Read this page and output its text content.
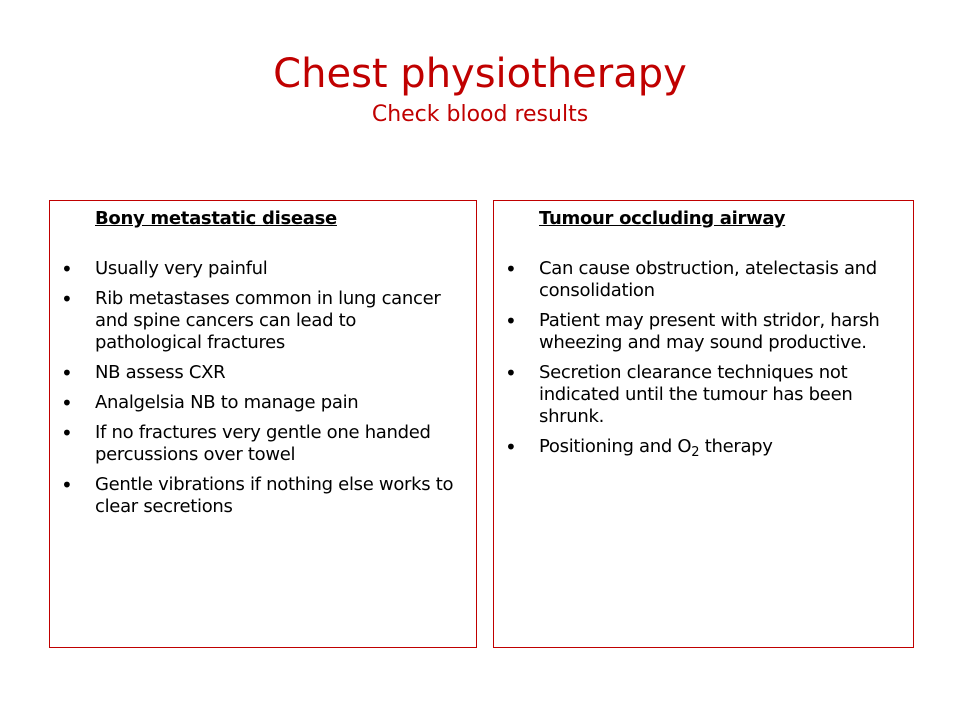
Chest physiotherapy
Check blood results
Bony metastatic disease
• Usually very painful
• Rib metastases common in lung cancer and spine cancers can lead to pathological fractures
• NB assess CXR
• Analgelsia NB to manage pain
• If no fractures very gentle one handed percussions over towel
• Gentle vibrations if nothing else works to clear secretions
Tumour occluding airway
• Can cause obstruction, atelectasis and consolidation
• Patient may present with stridor, harsh wheezing and may sound productive.
• Secretion clearance techniques not indicated until the tumour has been shrunk.
• Positioning and $O_2$ therapy
